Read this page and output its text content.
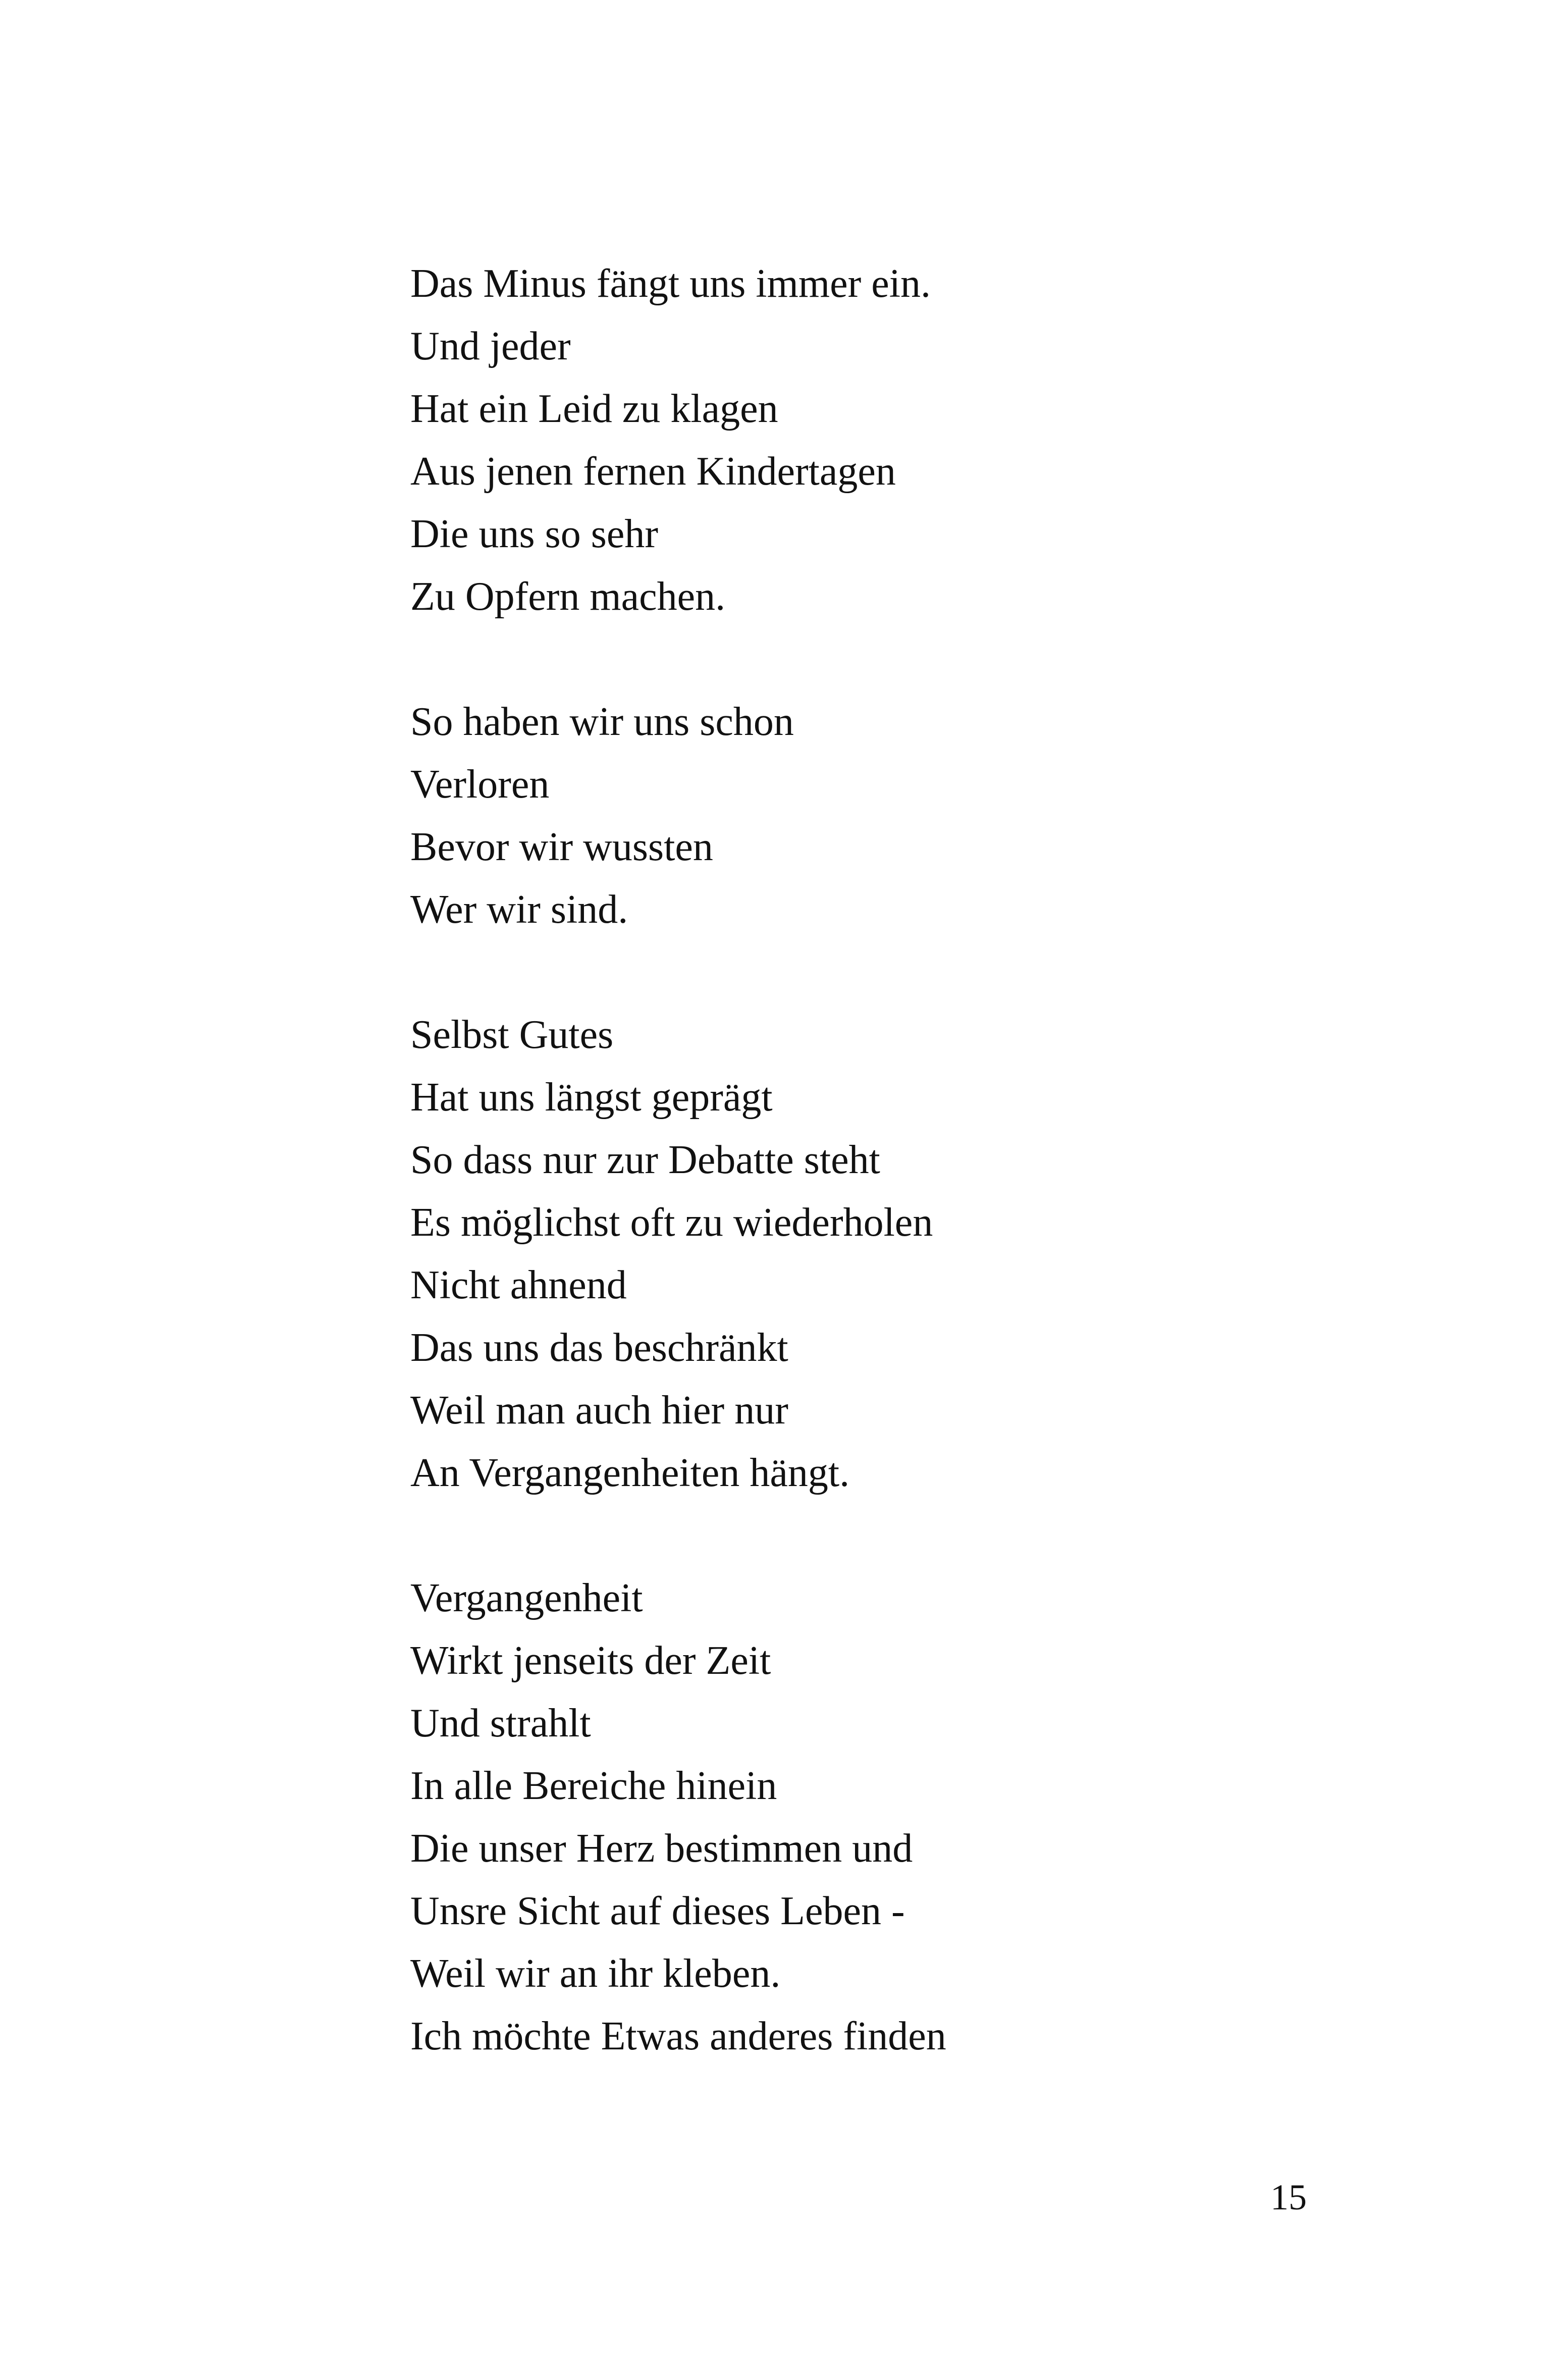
Das Minus fängt uns immer ein.
Und jeder
Hat ein Leid zu klagen
Aus jenen fernen Kindertagen
Die uns so sehr
Zu Opfern machen.
So haben wir uns schon
Verloren
Bevor wir wussten
Wer wir sind.
Selbst Gutes
Hat uns längst geprägt
So dass nur zur Debatte steht
Es möglichst oft zu wiederholen
Nicht ahnend
Das uns das beschränkt
Weil man auch hier nur
An Vergangenheiten hängt.
Vergangenheit
Wirkt jenseits der Zeit
Und strahlt
In alle Bereiche hinein
Die unser Herz bestimmen und
Unsre Sicht auf dieses Leben -
Weil wir an ihr kleben.
Ich möchte Etwas anderes finden
15
